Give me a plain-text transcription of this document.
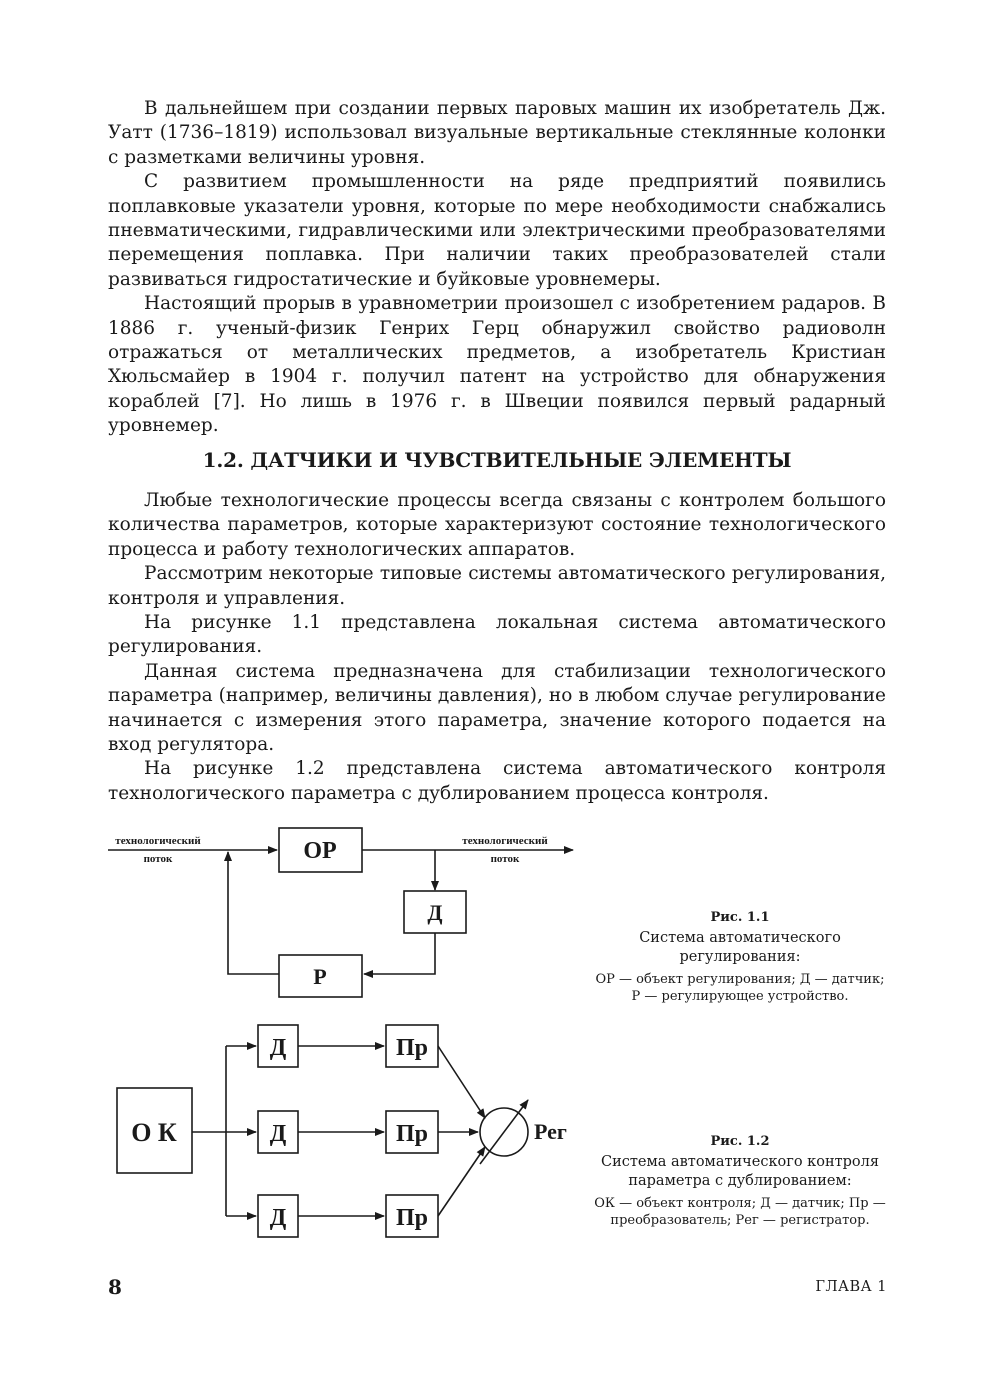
В дальнейшем при создании первых паровых машин их изобретатель Дж. Уатт (1736–1819) использовал визуальные вертикальные стеклянные колонки с разметками величины уровня.

С развитием промышленности на ряде предприятий появились поплавковые указатели уровня, которые по мере необходимости снабжались пневматическими, гидравлическими или электрическими преобразователями перемещения поплавка. При наличии таких преобразователей стали развиваться гидростатические и буйковые уровнемеры.

Настоящий прорыв в уравнометрии произошел с изобретением радаров. В 1886 г. ученый-физик Генрих Герц обнаружил свойство радиоволн отражаться от металлических предметов, а изобретатель Кристиан Хюльсмайер в 1904 г. получил патент на устройство для обнаружения кораблей [7]. Но лишь в 1976 г. в Швеции появился первый радарный уровнемер.

1.2. ДАТЧИКИ И ЧУВСТВИТЕЛЬНЫЕ ЭЛЕМЕНТЫ

Любые технологические процессы всегда связаны с контролем большого количества параметров, которые характеризуют состояние технологического процесса и работу технологических аппаратов.

Рассмотрим некоторые типовые системы автоматического регулирования, контроля и управления.

На рисунке 1.1 представлена локальная система автоматического регулирования.

Данная система предназначена для стабилизации технологического параметра (например, величины давления), но в любом случае регулирование начинается с измерения этого параметра, значение которого подается на вход регулятора.

На рисунке 1.2 представлена система автоматического контроля технологического параметра с дублированием процесса контроля.

технологический
поток
технологический
поток
ОР
Д
Р
О К
Д
Д
Д
Пр
Пр
Пр
Рег
Рис. 1.1
Система автоматического регулирования:
ОР — объект регулирования; Д — датчик; Р — регулирующее устройство.
Рис. 1.2
Система автоматического контроля параметра с дублированием:
ОК — объект контроля; Д — датчик; Пр — преобразователь; Рег — регистратор.
8	ГЛАВА 1
